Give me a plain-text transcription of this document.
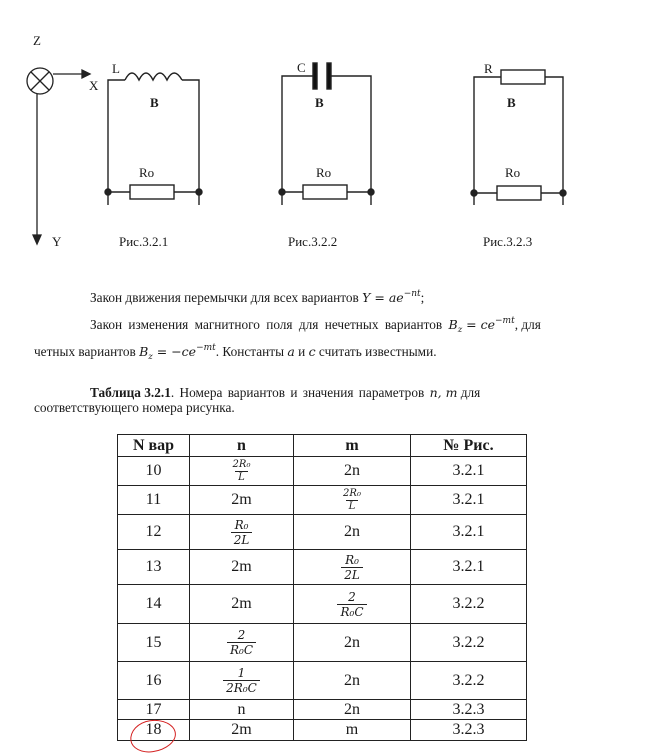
Z
X
Y
L
B
Ro
Рис.3.2.1
C
B
Ro
Рис.3.2.2
R
B
Ro
Рис.3.2.3
Закон движения перемычки для всех вариантов $Y = ae^{-nt}$;
Закон изменения магнитного поля для нечетных вариантов $B_z = ce^{-mt}$, для
четных вариантов $B_z = -ce^{-mt}$. Константы a и c считать известными.
Таблица 3.2.1. Номера вариантов и значения параметров n, m для
соответствующего номера рисунка.
N вар	n	m	№ Рис.
10	$\frac{\text{2R₀}}{L}$	2n	3.2.1
11	2m	$\frac{\text{2R₀}}{L}$	3.2.1
12	$\frac{\text{R₀}}{2L}$	2n	3.2.1
13	2m	$\frac{\text{R₀}}{2L}$	3.2.1
14	2m	$\frac{2}{\text{R₀C}}$	3.2.2
15	$\frac{2}{\text{R₀C}}$	2n	3.2.2
16	$\frac{1}{\text{2R₀C}}$	2n	3.2.2
17	n	2n	3.2.3
18	2m	m	3.2.3
